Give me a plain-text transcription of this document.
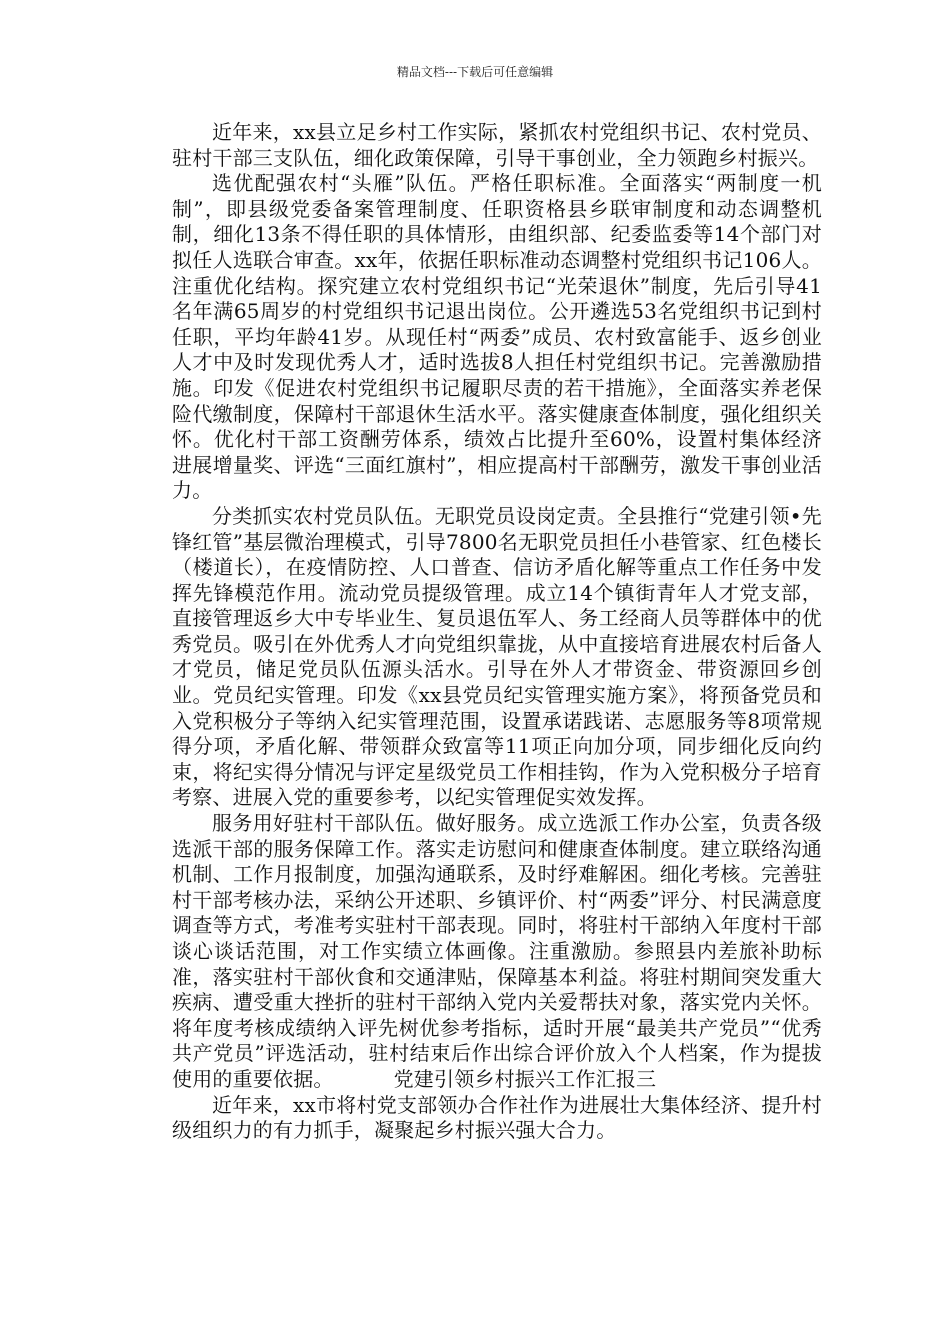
精品文档---下载后可任意编辑

近年来，xx县立足乡村工作实际，紧抓农村党组织书记、农村党员、驻村干部三支队伍，细化政策保障，引导干事创业，全力领跑乡村振兴。

选优配强农村“头雁”队伍。严格任职标准。全面落实“两制度一机制”，即县级党委备案管理制度、任职资格县乡联审制度和动态调整机制，细化13条不得任职的具体情形，由组织部、纪委监委等14个部门对拟任人选联合审查。xx年，依据任职标准动态调整村党组织书记106人。注重优化结构。探究建立农村党组织书记“光荣退休”制度，先后引导41名年满65周岁的村党组织书记退出岗位。公开遴选53名党组织书记到村任职，平均年龄41岁。从现任村“两委”成员、农村致富能手、返乡创业人才中及时发现优秀人才，适时选拔8人担任村党组织书记。完善激励措施。印发《促进农村党组织书记履职尽责的若干措施》，全面落实养老保险代缴制度，保障村干部退休生活水平。落实健康查体制度，强化组织关怀。优化村干部工资酬劳体系，绩效占比提升至60%，设置村集体经济进展增量奖、评选“三面红旗村”，相应提高村干部酬劳，激发干事创业活力。

分类抓实农村党员队伍。无职党员设岗定责。全县推行“党建引领•先锋红管”基层微治理模式，引导7800名无职党员担任小巷管家、红色楼长（楼道长），在疫情防控、人口普查、信访矛盾化解等重点工作任务中发挥先锋模范作用。流动党员提级管理。成立14个镇街青年人才党支部，直接管理返乡大中专毕业生、复员退伍军人、务工经商人员等群体中的优秀党员。吸引在外优秀人才向党组织靠拢，从中直接培育进展农村后备人才党员，储足党员队伍源头活水。引导在外人才带资金、带资源回乡创业。党员纪实管理。印发《xx县党员纪实管理实施方案》，将预备党员和入党积极分子等纳入纪实管理范围，设置承诺践诺、志愿服务等8项常规得分项，矛盾化解、带领群众致富等11项正向加分项，同步细化反向约束，将纪实得分情况与评定星级党员工作相挂钩，作为入党积极分子培育考察、进展入党的重要参考，以纪实管理促实效发挥。

服务用好驻村干部队伍。做好服务。成立选派工作办公室，负责各级选派干部的服务保障工作。落实走访慰问和健康查体制度。建立联络沟通机制、工作月报制度，加强沟通联系，及时纾难解困。细化考核。完善驻村干部考核办法，采纳公开述职、乡镇评价、村“两委”评分、村民满意度调查等方式，考准考实驻村干部表现。同时，将驻村干部纳入年度村干部谈心谈话范围，对工作实绩立体画像。注重激励。参照县内差旅补助标准，落实驻村干部伙食和交通津贴，保障基本利益。将驻村期间突发重大疾病、遭受重大挫折的驻村干部纳入党内关爱帮扶对象，落实党内关怀。将年度考核成绩纳入评先树优参考指标，适时开展“最美共产党员”“优秀共产党员”评选活动，驻村结束后作出综合评价放入个人档案，作为提拔使用的重要依据。	党建引领乡村振兴工作汇报三

近年来，xx市将村党支部领办合作社作为进展壮大集体经济、提升村级组织力的有力抓手，凝聚起乡村振兴强大合力。
